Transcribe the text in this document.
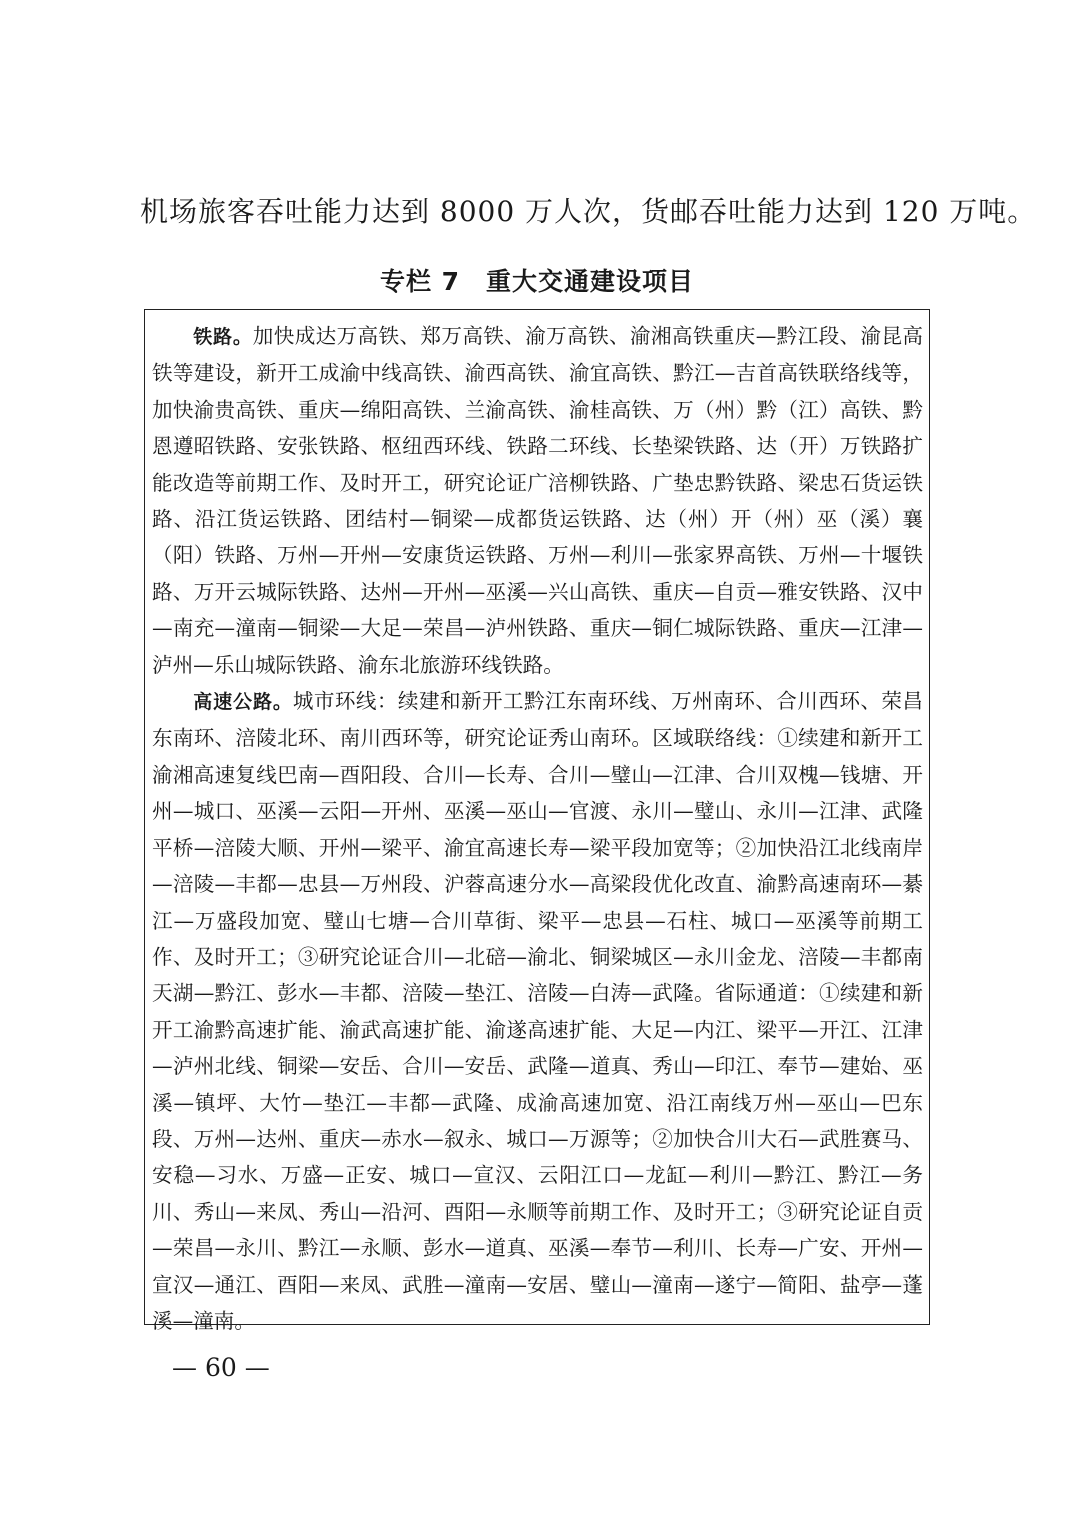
机场旅客吞吐能力达到 8000 万人次，货邮吞吐能力达到 120 万吨。
专栏 7　重大交通建设项目

铁路。加快成达万高铁、郑万高铁、渝万高铁、渝湘高铁重庆—黔江段、渝昆高铁等建设，新开工成渝中线高铁、渝西高铁、渝宜高铁、黔江—吉首高铁联络线等，加快渝贵高铁、重庆—绵阳高铁、兰渝高铁、渝桂高铁、万（州）黔（江）高铁、黔恩遵昭铁路、安张铁路、枢纽西环线、铁路二环线、长垫梁铁路、达（开）万铁路扩能改造等前期工作、及时开工，研究论证广涪柳铁路、广垫忠黔铁路、梁忠石货运铁路、沿江货运铁路、团结村—铜梁—成都货运铁路、达（州）开（州）巫（溪）襄（阳）铁路、万州—开州—安康货运铁路、万州—利川—张家界高铁、万州—十堰铁路、万开云城际铁路、达州—开州—巫溪—兴山高铁、重庆—自贡—雅安铁路、汉中—南充—潼南—铜梁—大足—荣昌—泸州铁路、重庆—铜仁城际铁路、重庆—江津—泸州—乐山城际铁路、渝东北旅游环线铁路。

高速公路。城市环线：续建和新开工黔江东南环线、万州南环、合川西环、荣昌东南环、涪陵北环、南川西环等，研究论证秀山南环。区域联络线：①续建和新开工渝湘高速复线巴南—酉阳段、合川—长寿、合川—璧山—江津、合川双槐—钱塘、开州—城口、巫溪—云阳—开州、巫溪—巫山—官渡、永川—璧山、永川—江津、武隆平桥—涪陵大顺、开州—梁平、渝宜高速长寿—梁平段加宽等；②加快沿江北线南岸—涪陵—丰都—忠县—万州段、沪蓉高速分水—高梁段优化改直、渝黔高速南环—綦江—万盛段加宽、璧山七塘—合川草街、梁平—忠县—石柱、城口—巫溪等前期工作、及时开工；③研究论证合川—北碚—渝北、铜梁城区—永川金龙、涪陵—丰都南天湖—黔江、彭水—丰都、涪陵—垫江、涪陵—白涛—武隆。省际通道：①续建和新开工渝黔高速扩能、渝武高速扩能、渝遂高速扩能、大足—内江、梁平—开江、江津—泸州北线、铜梁—安岳、合川—安岳、武隆—道真、秀山—印江、奉节—建始、巫溪—镇坪、大竹—垫江—丰都—武隆、成渝高速加宽、沿江南线万州—巫山—巴东段、万州—达州、重庆—赤水—叙永、城口—万源等；②加快合川大石—武胜赛马、安稳—习水、万盛—正安、城口—宣汉、云阳江口—龙缸—利川—黔江、黔江—务川、秀山—来凤、秀山—沿河、酉阳—永顺等前期工作、及时开工；③研究论证自贡—荣昌—永川、黔江—永顺、彭水—道真、巫溪—奉节—利川、长寿—广安、开州—宣汉—通江、酉阳—来凤、武胜—潼南—安居、璧山—潼南—遂宁—简阳、盐亭—蓬溪—潼南。

— 60 —
